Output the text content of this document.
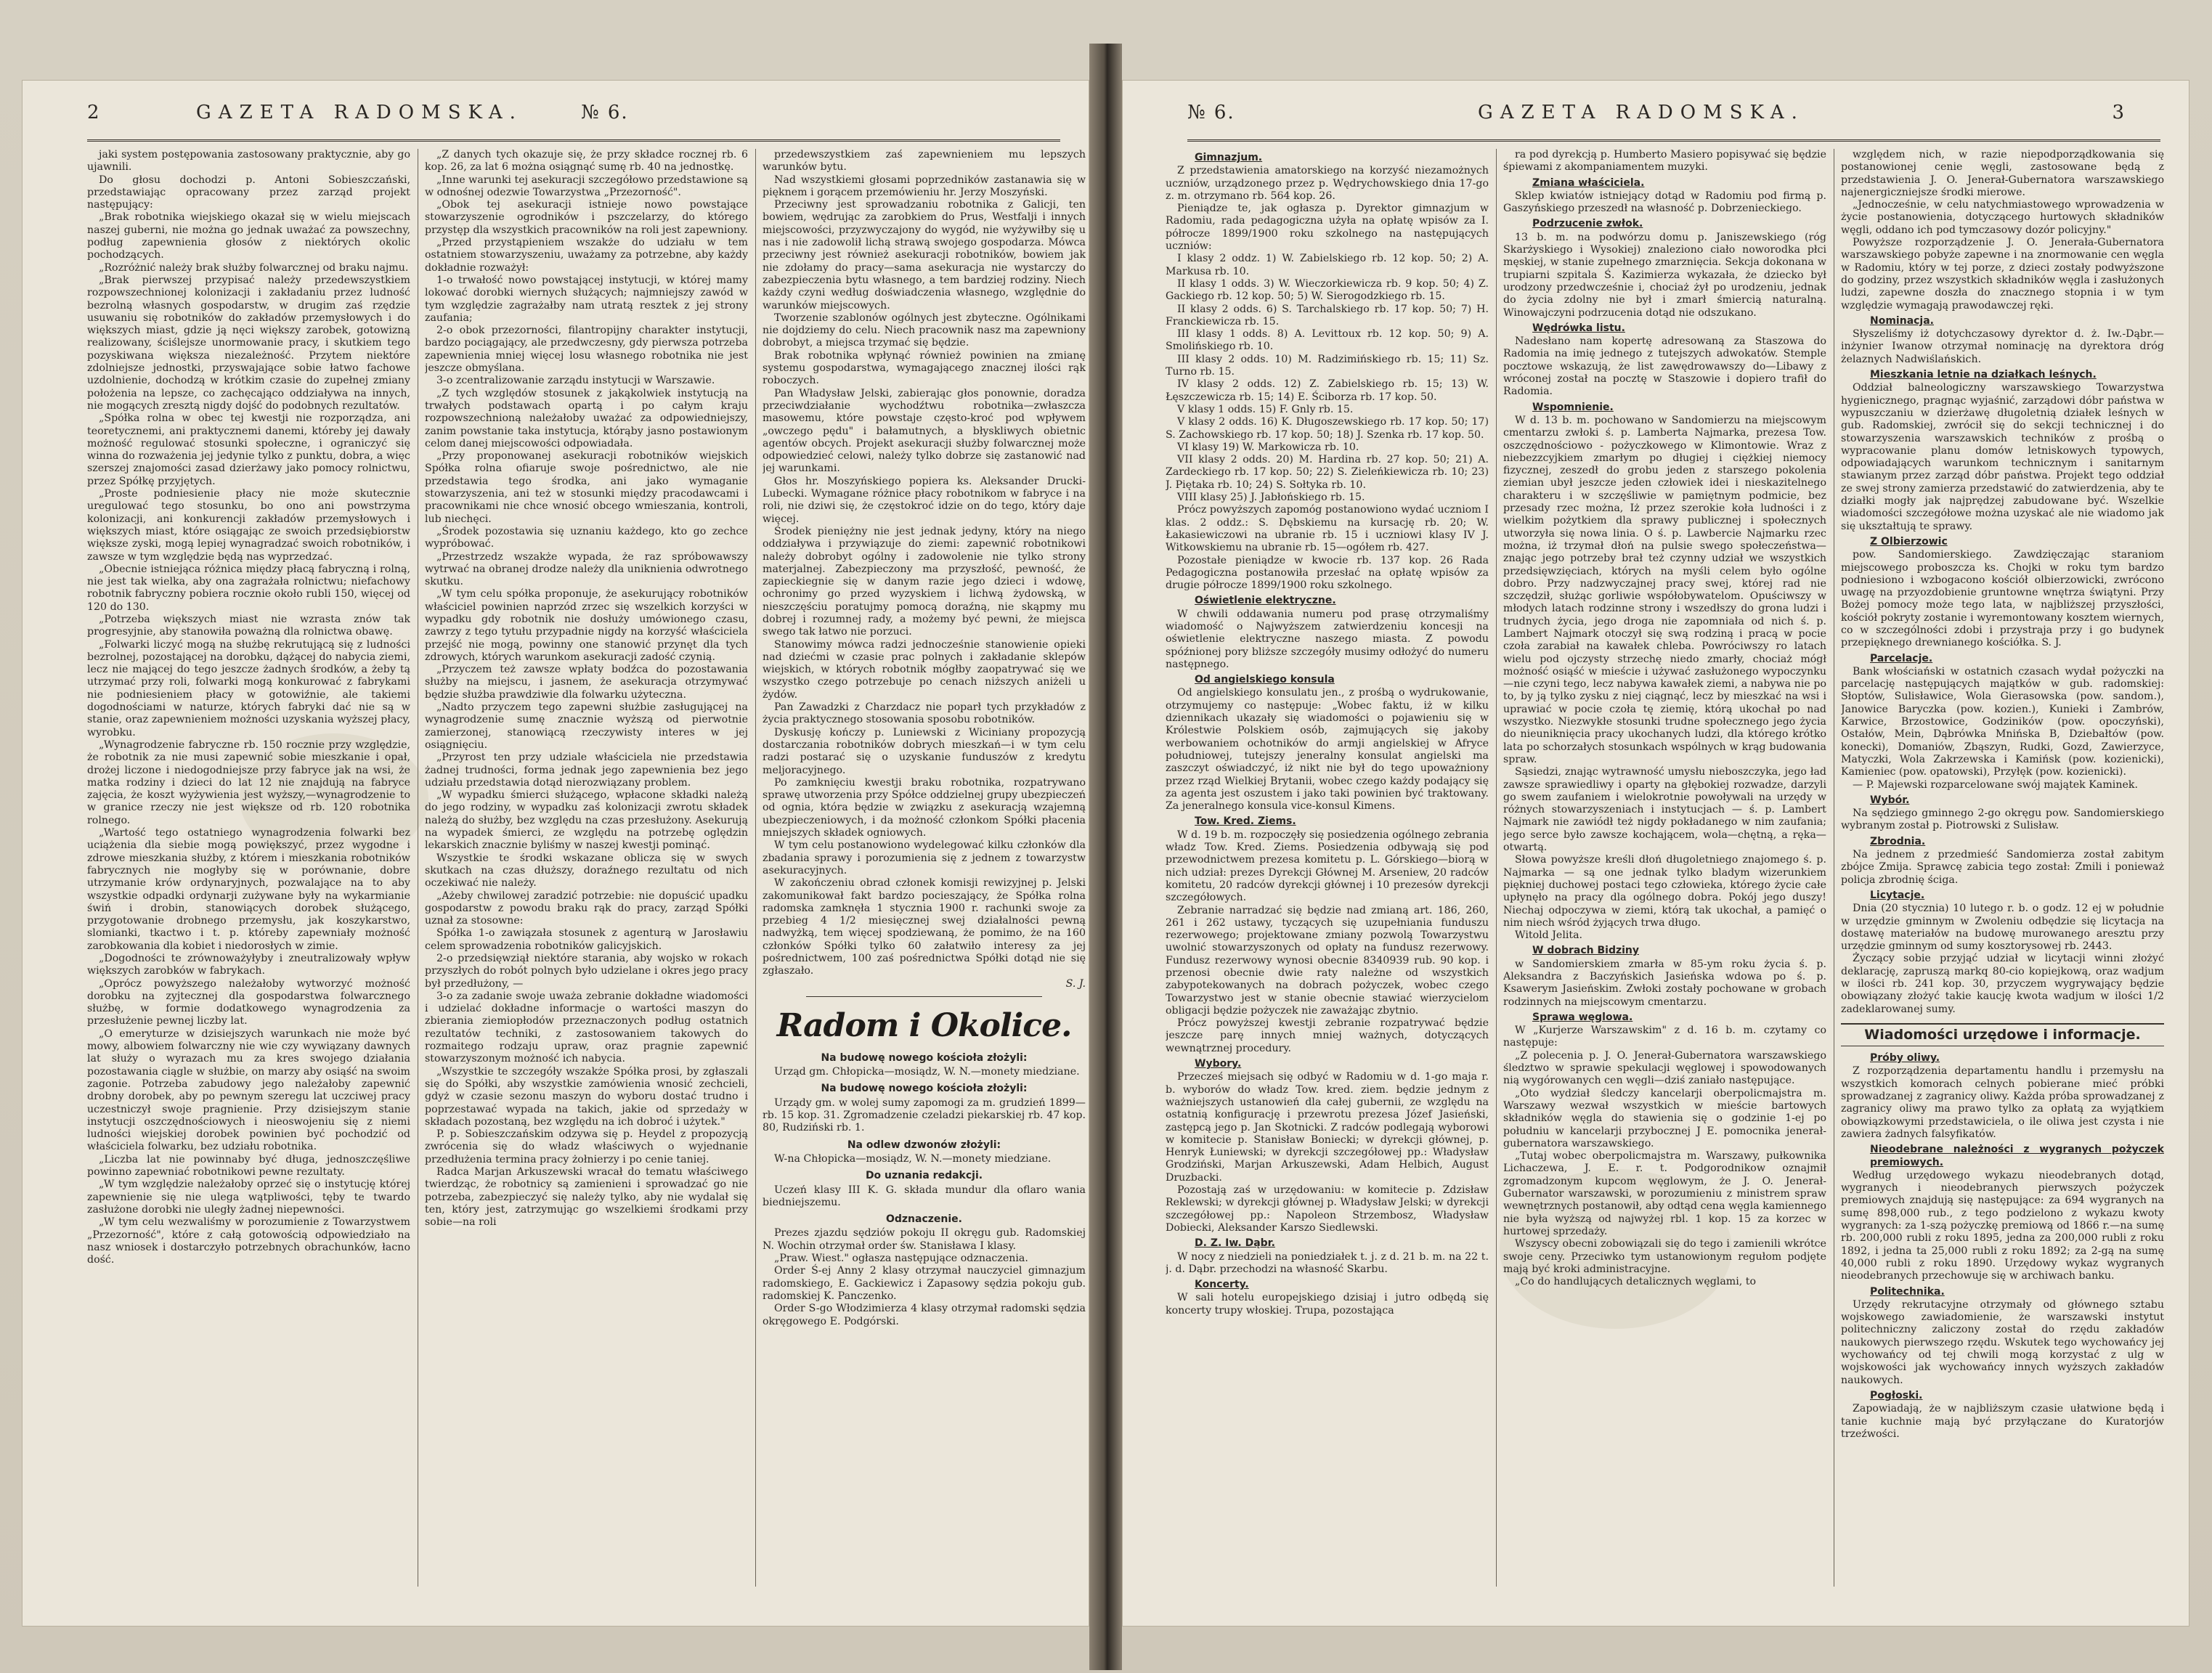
2	GAZETA RADOMSKA.	№ 6.

jaki system postępowania zastosowany praktycznie, aby go ujawnili.

Do głosu dochodzi p. Antoni Sobieszczański, przedstawiając opracowany przez zarząd projekt następujący:

„Brak robotnika wiejskiego okazał się w wielu miejscach naszej guberni, nie można go jednak uważać za powszechny, podług zapewnienia głosów z niektórych okolic pochodzących.

„Rozróżnić należy brak służby folwarcznej od braku najmu.

„Brak pierwszej przypisać należy przedewszystkiem rozpowszechnionej kolonizacji i zakładaniu przez ludność bezrolną własnych gospodarstw, w drugim zaś rzędzie usuwaniu się robotników do zakładów przemysłowych i do większych miast, gdzie ją nęci większy zarobek, gotowizną realizowany, ściślejsze unormowanie pracy, i skutkiem tego pozyskiwana większa niezależność. Przytem niektóre zdolniejsze jednostki, przyswajające sobie łatwo fachowe uzdolnienie, dochodzą w krótkim czasie do zupełnej zmiany położenia na lepsze, co zachęcająco oddziaływa na innych, nie mogących zresztą nigdy dojść do podobnych rezultatów.

„Spółka rolna w obec tej kwestji nie rozporządza, ani teoretycznemi, ani praktycznemi danemi, któreby jej dawały możność regulować stosunki społeczne, i ograniczyć się winna do rozważenia jej jedynie tylko z punktu, dobra, a więc szerszej znajomości zasad dzierżawy jako pomocy rolnictwu, przez Spółkę przyjętych.

„Proste podniesienie płacy nie może skutecznie uregulować tego stosunku, bo ono ani powstrzyma kolonizacji, ani konkurencji zakładów przemysłowych i większych miast, które osiągając ze swoich przedsiębiorstw większe zyski, mogą lepiej wynagradzać swoich robotników, i zawsze w tym względzie będą nas wyprzedzać.

„Obecnie istniejąca różnica między płacą fabryczną i rolną, nie jest tak wielka, aby ona zagrażała rolnictwu; niefachowy robotnik fabryczny pobiera rocznie około rubli 150, więcej od 120 do 130.

„Potrzeba większych miast nie wzrasta znów tak progresyjnie, aby stanowiła poważną dla rolnictwa obawę.

„Folwarki liczyć mogą na służbę rekrutującą się z ludności bezrolnej, pozostającej na dorobku, dążącej do nabycia ziemi, lecz nie mającej do tego jeszcze żadnych środków, a żeby tą utrzymać przy roli, folwarki mogą konkurować z fabrykami nie podniesieniem płacy w gotowiźnie, ale takiemi dogodnościami w naturze, których fabryki dać nie są w stanie, oraz zapewnieniem możności uzyskania wyższej płacy, wyrobku.

„Wynagrodzenie fabryczne rb. 150 rocznie przy względzie, że robotnik za nie musi zapewnić sobie mieszkanie i opał, drożej liczone i niedogodniejsze przy fabryce jak na wsi, że matka rodziny i dzieci do lat 12 nie znajdują na fabryce zajęcia, że koszt wyżywienia jest wyższy,—wynagrodzenie to w granice rzeczy nie jest większe od rb. 120 robotnika rolnego.

„Wartość tego ostatniego wynagrodzenia folwarki bez uciążenia dla siebie mogą powiększyć, przez wygodne i zdrowe mieszkania służby, z którem i mieszkania robotników fabrycznych nie mogłyby się w porównanie, dobre utrzymanie krów ordynaryjnych, pozwalające na to aby wszystkie odpadki ordynarji zużywane były na wykarmianie świń i drobin, stanowiących dorobek służącego, przygotowanie drobnego przemysłu, jak koszykarstwo, slomianki, tkactwo i t. p. któreby zapewniały możność zarobkowania dla kobiet i niedorosłych w zimie.

„Dogodności te zrównoważyłyby i zneutralizowały wpływ większych zarobków w fabrykach.

„Oprócz powyższego należałoby wytworzyć możność dorobku na zyjtecznej dla gospodarstwa folwarcznego służbę, w formie dodatkowego wynagrodzenia za przesłużenie pewnej liczby lat.

„O emeryturze w dzisiejszych warunkach nie może być mowy, albowiem folwarczny nie wie czy wywiązany dawnych lat służy o wyrazach mu za kres swojego działania pozostawania ciągle w służbie, on marzy aby osiąść na swoim zagonie. Potrzeba zabudowy jego należałoby zapewnić drobny dorobek, aby po pewnym szeregu lat uczciwej pracy uczestniczył swoje pragnienie. Przy dzisiejszym stanie instytucji oszczędnościowych i nieoswojeniu się z niemi ludności wiejskiej dorobek powinien być pochodzić od właściciela folwarku, bez udziału robotnika.

„Liczba lat nie powinnaby być długa, jednoszczęśliwe powinno zapewniać robotnikowi pewne rezultaty.

„W tym względzie należałoby oprzeć się o instytucję której zapewnienie się nie ulega wątpliwości, tęby te twardo zasłużone dorobki nie uległy żadnej niepewności.

„W tym celu wezwaliśmy w porozumienie z Towarzystwem „Przezorność", które z całą gotowością odpowiedziało na nasz wniosek i dostarczyło potrzebnych obrachunków, łacno dość.

„Z danych tych okazuje się, że przy składce rocznej rb. 6 kop. 26, za lat 6 można osiągnąć sumę rb. 40 na jednostkę.

„Inne warunki tej asekuracji szczegółowo przedstawione są w odnośnej odezwie Towarzystwa „Przezorność".

„Obok tej asekuracji istnieje nowo powstające stowarzyszenie ogrodników i pszczelarzy, do którego przystęp dla wszystkich pracowników na roli jest zapewniony.

„Przed przystąpieniem wszakże do udziału w tem ostatniem stowarzyszeniu, uważamy za potrzebne, aby każdy dokładnie rozważył:

1-o trwałość nowo powstającej instytucji, w której mamy lokować dorobki wiernych służących; najmniejszy zawód w tym względzie zagrażałby nam utratą resztek z jej strony zaufania;

2-o obok przezorności, filantropijny charakter instytucji, bardzo pociągający, ale przedwczesny, gdy pierwsza potrzeba zapewnienia mniej więcej losu własnego robotnika nie jest jeszcze obmyślana.

3-o zcentralizowanie zarządu instytucji w Warszawie.

„Z tych względów stosunek z jakąkolwiek instytucją na trwałych podstawach opartą i po całym kraju rozpowszechnioną należałoby uważać za odpowiedniejszy, zanim powstanie taka instytucja, którąby jasno postawionym celom danej miejscowości odpowiadała.

„Przy proponowanej asekuracji robotników wiejskich Spółka rolna ofiaruje swoje pośrednictwo, ale nie przedstawia tego środka, ani jako wymaganie stowarzyszenia, ani też w stosunki między pracodawcami i pracownikami nie chce wnosić obcego wmieszania, kontroli, lub niechęci.

„Środek pozostawia się uznaniu każdego, kto go zechce wypróbować.

„Przestrzedz wszakże wypada, że raz spróbowawszy wytrwać na obranej drodze należy dla uniknienia odwrotnego skutku.

„W tym celu spółka proponuje, że asekurujący robotników właściciel powinien naprzód zrzec się wszelkich korzyści w wypadku gdy robotnik nie dosłuży umówionego czasu, zawrzy z tego tytułu przypadnie nigdy na korzyść właściciela przejść nie mogą, powinny one stanowić przynęt dla tych zdrowych, których warunkom asekuracji zadość czynią.

„Przyczem też zawsze wpłaty bodźca do pozostawania służby na miejscu, i jasnem, że asekuracja otrzymywać będzie służba prawdziwie dla folwarku użyteczna.

„Nadto przyczem tego zapewni służbie zasługującej na wynagrodzenie sumę znacznie wyższą od pierwotnie zamierzonej, stanowiącą rzeczywisty interes w jej osiągnięciu.

„Przyrost ten przy udziale właściciela nie przedstawia żadnej trudności, forma jednak jego zapewnienia bez jego udziału przedstawia dotąd nierozwiązany problem.

„W wypadku śmierci służącego, wpłacone składki należą do jego rodziny, w wypadku zaś kolonizacji zwrotu składek należą do służby, bez względu na czas przesłużony. Asekurują na wypadek śmierci, ze względu na potrzebę oględzin lekarskich znacznie byliśmy w naszej kwestji pominąć.

Wszystkie te środki wskazane oblicza się w swych skutkach na czas dłuższy, doraźnego rezultatu od nich oczekiwać nie należy.

„Ażeby chwilowej zaradzić potrzebie: nie dopuścić upadku gospodarstw z powodu braku rąk do pracy, zarząd Spółki uznał za stosowne:

Spółka 1-o zawiązała stosunek z agenturą w Jarosławiu celem sprowadzenia robotników galicyjskich.

2-o przedsięwziął niektóre starania, aby wojsko w rokach przyszłych do robót polnych było udzielane i okres jego pracy był przedłużony, —

3-o za zadanie swoje uważa zebranie dokładne wiadomości i udzielać dokładne informacje o wartości maszyn do zbierania ziemiopłodów przeznaczonych podług ostatnich rezultatów techniki, z zastosowaniem takowych do rozmaitego rodzaju upraw, oraz pragnie zapewnić stowarzyszonym możność ich nabycia.

„Wszystkie te szczegóły wszakże Spółka prosi, by zgłaszali się do Spółki, aby wszystkie zamówienia wnosić zechcieli, gdyż w czasie sezonu maszyn do wyboru dostać trudno i poprzestawać wypada na takich, jakie od sprzedaży w składach pozostaną, bez względu na ich dobroć i użytek."

P. p. Sobieszczańskim odzywa się p. Heydel z propozycją zwrócenia się do władz właściwych o wyjednanie przedłużenia termina pracy żołnierzy i po cenie taniej.

Radca Marjan Arkuszewski wracał do tematu właściwego twierdząc, że robotnicy są zamienieni i sprowadzać go nie potrzeba, zabezpieczyć się należy tylko, aby nie wydalał się ten, który jest, zatrzymując go wszelkiemi środkami przy sobie—na roli

przedewszystkiem zaś zapewnieniem mu lepszych warunków bytu.

Nad wszystkiemi głosami poprzedników zastanawia się w pięknem i gorącem przemówieniu hr. Jerzy Moszyński.

Przeciwny jest sprowadzaniu robotnika z Galicji, ten bowiem, wędrując za zarobkiem do Prus, Westfalji i innych miejscowości, przyzwyczajony do wygód, nie wyżywiłby się u nas i nie zadowolił lichą strawą swojego gospodarza. Mówca przeciwny jest również asekuracji robotników, bowiem jak nie zdołamy do pracy—sama asekuracja nie wystarczy do zabezpieczenia bytu własnego, a tem bardziej rodziny. Niech każdy czyni według doświadczenia własnego, względnie do warunków miejscowych.

Tworzenie szablonów ogólnych jest zbyteczne. Ogólnikami nie dojdziemy do celu. Niech pracownik nasz ma zapewniony dobrobyt, a miejsca trzymać się będzie.

Brak robotnika wpłynąć również powinien na zmianę systemu gospodarstwa, wymagającego znacznej ilości rąk roboczych.

Pan Władysław Jelski, zabierając głos ponownie, doradza przeciwdziałanie wychodźtwu robotnika—zwłaszcza masowemu, które powstaje często-kroć pod wpływem „owczego pędu" i bałamutnych, a błyskliwych obietnic agentów obcych. Projekt asekuracji służby folwarcznej może odpowiedzieć celowi, należy tylko dobrze się zastanowić nad jej warunkami.

Głos hr. Moszyńskiego popiera ks. Aleksander Drucki-Lubecki. Wymagane różnice płacy robotnikom w fabryce i na roli, nie dziwi się, że częstokroć idzie on do tego, który daje więcej.

Środek pieniężny nie jest jednak jedyny, który na niego oddziaływa i przywiązuje do ziemi: zapewnić robotnikowi należy dobrobyt ogólny i zadowolenie nie tylko strony materjalnej. Zabezpieczony ma przyszłość, pewność, że zapieckiegnie się w danym razie jego dzieci i wdowę, ochronimy go przed wyzyskiem i lichwą żydowską, w nieszczęściu poratujmy pomocą doraźną, nie skąpmy mu dobrej i rozumnej rady, a możemy być pewni, że miejsca swego tak łatwo nie porzuci.

Stanowimy mówca radzi jednocześnie stanowienie opieki nad dziećmi w czasie prac polnych i zakładanie sklepów wiejskich, w których robotnik mógłby zaopatrywać się we wszystko czego potrzebuje po cenach niższych aniżeli u żydów.

Pan Zawadzki z Charzdacz nie poparł tych przykładów z życia praktycznego stosowania sposobu robotników.

Dyskusję kończy p. Luniewski z Wiciniany propozycją dostarczania robotników dobrych mieszkań—i w tym celu radzi postarać się o uzyskanie funduszów z kredytu meljoracyjnego.

Po zamknięciu kwestji braku robotnika, rozpatrywano sprawę utworzenia przy Spółce oddzielnej grupy ubezpieczeń od ognia, która będzie w związku z asekuracją wzajemną ubezpieczeniowych, i da możność członkom Spółki płacenia mniejszych składek ogniowych.

W tym celu postanowiono wydelegować kilku członków dla zbadania sprawy i porozumienia się z jednem z towarzystw asekuracyjnych.

W zakończeniu obrad członek komisji rewizyjnej p. Jelski zakomunikował fakt bardzo pocieszający, że Spółka rolna radomska zamknęła 1 stycznia 1900 r. rachunki swoje za przebieg 4 1/2 miesięcznej swej działalności pewną nadwyżką, tem więcej spodziewaną, że pomimo, że na 160 członków Spółki tylko 60 załatwiło interesy za jej pośrednictwem, 100 zaś pośrednictwa Spółki dotąd nie się zgłaszało.

S. J.

Radom i Okolice.

Na budowę nowego kościoła złożyli:

Urząd gm. Chłopicka—mosiądz, W. N.—monety miedziane.

Na budowę nowego kościoła złożyli:

Urządy gm. w wolej sumy zapomogi za m. grudzień 1899—rb. 15 kop. 31. Zgromadzenie czeladzi piekarskiej rb. 47 kop. 80, Rudziński rb. 1.

Na odlew dzwonów złożyli:

W-na Chłopicka—mosiądz, W. N.—monety miedziane.

Do uznania redakcji.

Uczeń klasy III K. G. składa mundur dla oflaro wania biedniejszemu.

Odznaczenie.

Prezes zjazdu sędziów pokoju II okręgu gub. Radomskiej N. Wochin otrzymał order św. Stanisława I klasy.

„Praw. Wiest." ogłasza następujące odznaczenia.

Order Ś-ej Anny 2 klasy otrzymał nauczyciel gimnazjum radomskiego, E. Gackiewicz i Zapasowy sędzia pokoju gub. radomskiej K. Panczenko.

Order S-go Włodzimierza 4 klasy otrzymał radomski sędzia okręgowego E. Podgórski.

№ 6.	GAZETA RADOMSKA.	3

Gimnazjum.

Z przedstawienia amatorskiego na korzyść niezamożnych uczniów, urządzonego przez p. Wędrychowskiego dnia 17-go z. m. otrzymano rb. 564 kop. 26.

Pieniądze te, jak ogłasza p. Dyrektor gimnazjum w Radomiu, rada pedagogiczna użyła na opłatę wpisów za I. półrocze 1899/1900 roku szkolnego na następujących uczniów:

I klasy 2 oddz. 1) W. Zabielskiego rb. 12 kop. 50; 2) A. Markusa rb. 10.

II klasy 1 odds. 3) W. Wieczorkiewicza rb. 9 kop. 50; 4) Z. Gackiego rb. 12 kop. 50; 5) W. Sierogodzkiego rb. 15.

II klasy 2 odds. 6) S. Tarchalskiego rb. 17 kop. 50; 7) H. Franckiewicza rb. 15.

III klasy 1 odds. 8) A. Levittoux rb. 12 kop. 50; 9) A. Smolińskiego rb. 10.

III klasy 2 odds. 10) M. Radzimińskiego rb. 15; 11) Sz. Turno rb. 15.

IV klasy 2 odds. 12) Z. Zabielskiego rb. 15; 13) W. Łęszczewicza rb. 15; 14) E. Ściborza rb. 17 kop. 50.

V klasy 1 odds. 15) F. Gnly rb. 15.

V klasy 2 odds. 16) K. Długoszewskiego rb. 17 kop. 50; 17) S. Zachowskiego rb. 17 kop. 50; 18) J. Szenka rb. 17 kop. 50.

VI klasy 19) W. Markowicza rb. 10.

VII klasy 2 odds. 20) M. Hardina rb. 27 kop. 50; 21) A. Zardeckiego rb. 17 kop. 50; 22) S. Zieleńkiewicza rb. 10; 23) J. Piętaka rb. 10; 24) S. Sołtyka rb. 10.

VIII klasy 25) J. Jabłońskiego rb. 15.

Prócz powyższych zapomóg postanowiono wydać uczniom I klas. 2 oddz.: S. Dębskiemu na kursację rb. 20; W. Łakasiewiczowi na ubranie rb. 15 i uczniowi klasy IV J. Witkowskiemu na ubranie rb. 15—ogółem rb. 427.

Pozostałe pieniądze w kwocie rb. 137 kop. 26 Rada Pedagogiczna postanowiła przesłać na opłatę wpisów za drugie półrocze 1899/1900 roku szkolnego.

Oświetlenie elektryczne.

W chwili oddawania numeru pod prasę otrzymaliśmy wiadomość o Najwyższem zatwierdzeniu koncesji na oświetlenie elektryczne naszego miasta. Z powodu spóźnionej pory bliższe szczegóły musimy odłożyć do numeru następnego.

Od angielskiego konsula

Od angielskiego konsulatu jen., z prośbą o wydrukowanie, otrzymujemy co następuje: „Wobec faktu, iż w kilku dziennikach ukazały się wiadomości o pojawieniu się w Królestwie Polskiem osób, zajmujących się jakoby werbowaniem ochotników do armji angielskiej w Afryce południowej, tutejszy jeneralny konsulat angielski ma zaszczyt oświadczyć, iż nikt nie był do tego upoważniony przez rząd Wielkiej Brytanii, wobec czego każdy podający się za agenta jest oszustem i jako taki powinien być traktowany. Za jeneralnego konsula vice-konsul Kimens.

Tow. Kred. Ziems.

W d. 19 b. m. rozpoczęły się posiedzenia ogólnego zebrania władz Tow. Kred. Ziems. Posiedzenia odbywają się pod przewodnictwem prezesa komitetu p. L. Górskiego—biorą w nich udział: prezes Dyrekcji Głównej M. Arseniew, 20 radców komitetu, 20 radców dyrekcji głównej i 10 prezesów dyrekcji szczegółowych.

Zebranie narradzać się będzie nad zmianą art. 186, 260, 261 i 262 ustawy, tyczących się uzupełniania funduszu rezerwowego; projektowane zmiany pozwolą Towarzystwu uwolnić stowarzyszonych od opłaty na fundusz rezerwowy. Fundusz rezerwowy wynosi obecnie 8340939 rub. 90 kop. i przenosi obecnie dwie raty należne od wszystkich zabypotekowanych na dobrach pożyczek, wobec czego Towarzystwo jest w stanie obecnie stawiać wierzycielom obligacji będzie pożyczek nie zaważając zbytnio.

Prócz powyższej kwestji zebranie rozpatrywać będzie jeszcze parę innych mniej ważnych, dotyczących wewnątrznej procedury.

Wybory.

Przecześ miejsach się odbyć w Radomiu w d. 1-go maja r. b. wyborów do władz Tow. kred. ziem. będzie jednym z ważniejszych ustanowień dla całej gubernii, ze względu na ostatnią konfigurację i przewrotu prezesa Józef Jasieński, zastępcą jego p. Jan Skotnicki. Z radców podlegają wyborowi w komitecie p. Stanisław Boniecki; w dyrekcji głównej, p. Henryk Łuniewski; w dyrekcji szczegółowej pp.: Władysław Grodziński, Marjan Arkuszewski, Adam Helbich, August Druzbacki.

Pozostają zaś w urzędowaniu: w komitecie p. Zdzisław Reklewski; w dyrekcji głównej p. Władysław Jelski; w dyrekcji szczegółowej pp.: Napoleon Strzembosz, Władysław Dobiecki, Aleksander Karszo Siedlewski.

D. Z. Iw. Dąbr.

W nocy z niedzieli na poniedziałek t. j. z d. 21 b. m. na 22 t. j. d. Dąbr. przechodzi na własność Skarbu.

Koncerty.

W sali hotelu europejskiego dzisiaj i jutro odbędą się koncerty trupy włoskiej. Trupa, pozostająca

ra pod dyrekcją p. Humberto Masiero popisywać się będzie śpiewami z akompaniamentem muzyki.

Zmiana właściciela.

Sklep kwiatów istniejący dotąd w Radomiu pod firmą p. Gaszyńskiego przeszedł na własność p. Dobrzenieckiego.

Podrzucenie zwłok.

13 b. m. na podwórzu domu p. Janiszewskiego (róg Skarżyskiego i Wysokiej) znaleziono ciało noworodka płci męskiej, w stanie zupełnego zmarznięcia. Sekcja dokonana w trupiarni szpitala Ś. Kazimierza wykazała, że dziecko był urodzony przedwcześnie i, chociaż żył po urodzeniu, jednak do życia zdolny nie był i zmarł śmiercią naturalną. Winowajczyni podrzucenia dotąd nie odszukano.

Wędrówka listu.

Nadesłano nam kopertę adresowaną za Staszowa do Radomia na imię jednego z tutejszych adwokatów. Stemple pocztowe wskazują, że list zawędrowawszy do—Libawy z wróconej został na pocztę w Staszowie i dopiero trafił do Radomia.

Wspomnienie.

W d. 13 b. m. pochowano w Sandomierzu na miejscowym cmentarzu zwłoki ś. p. Lamberta Najmarka, prezesa Tow. oszczędnościowo - pożyczkowego w Klimontowie. Wraz z niebezzcyjkiem zmarłym po długiej i ciężkiej niemocy fizycznej, zeszedł do grobu jeden z starszego pokolenia ziemian ubył jeszcze jeden człowiek idei i nieskazitelnego charakteru i w szczęśliwie w pamiętnym podmicie, bez przesady rzec można, Iż przez szerokie koła ludności i z wielkim pożytkiem dla sprawy publicznej i społecznych utworzyła się nowa linia. O ś. p. Lawbercie Najmarku rzec można, iż trzymał dłoń na pulsie swego społeczeństwa—znając jego potrzeby brał też czynny udział we wszystkich przedsięwzięciach, których na myśli celem było ogólne dobro. Przy nadzwyczajnej pracy swej, której rad nie szczędził, służąc gorliwie współobywatelom. Opuściwszy w młodych latach rodzinne strony i wszedłszy do grona ludzi i trudnych życia, jego droga nie zapomniała od nich ś. p. Lambert Najmark otoczył się swą rodziną i pracą w pocie czoła zarabiał na kawałek chleba. Powróciwszy ro latach wielu pod ojczysty strzechę niedo zmarły, chociaż mógł możność osiąść w mieście i używać zasłużonego wypoczynku—nie czyni tego, lecz nabywa kawałek ziemi, a nabywa nie po to, by ją tylko zysku z niej ciągnąć, lecz by mieszkać na wsi i uprawiać w pocie czoła tę ziemię, którą ukochał po nad wszystko. Niezwykłe stosunki trudne społecznego jego życia do nieuniknięcia pracy ukochanych ludzi, dla którego krótko lata po schorzałych stosunkach wspólnych w krąg budowania spraw.

Sąsiedzi, znając wytrawność umysłu nieboszczyka, jego ład zawsze sprawiedliwy i oparty na głębokiej rozwadze, darzyli go swem zaufaniem i wielokrotnie powoływali na urzędy w różnych stowarzyszeniach i instytucjach — ś. p. Lambert Najmark nie zawiódł też nigdy pokładanego w nim zaufania; jego serce było zawsze kochającem, wola—chętną, a ręka—otwartą.

Słowa powyższe kreśli dłoń długoletniego znajomego ś. p. Najmarka — są one jednak tylko bladym wizerunkiem piękniej duchowej postaci tego człowieka, którego życie całe upłynęło na pracy dla ogólnego dobra. Pokój jego duszy! Niechaj odpoczywa w ziemi, którą tak ukochał, a pamięć o nim niech wśród żyjących trwa długo.

Witold Jelita.

W dobrach Bidziny

w Sandomierskiem zmarła w 85-ym roku życia ś. p. Aleksandra z Baczyńskich Jasieńska wdowa po ś. p. Ksawerym Jasieńskim. Zwłoki zostały pochowane w grobach rodzinnych na miejscowym cmentarzu.

Sprawa węglowa.

W „Kurjerze Warszawskim" z d. 16 b. m. czytamy co następuje:

„Z polecenia p. J. O. Jenerał-Gubernatora warszawskiego śledztwo w sprawie spekulacji węglowej i spowodowanych nią wygórowanych cen węgli—dziś zaniało następujące.

„Oto wydział śledczy kancelarji oberpolicmajstra m. Warszawy wezwał wszystkich w mieście bartowych składników węgla do stawienia się o godzinie 1-ej po południu w kancelarji przybocznej J E. pomocnika jenerał-gubernatora warszawskiego.

„Tutaj wobec oberpolicmajstra m. Warszawy, pułkownika Lichaczewa, J. E. r. t. Podgorodnikow oznajmił zgromadzonym kupcom węglowym, że J. O. Jenerał-Gubernator warszawski, w porozumieniu z ministrem spraw wewnętrznych postanowił, aby odtąd cena węgla kamiennego nie była wyższą od najwyżej rbl. 1 kop. 15 za korzec w hurtowej sprzedaży.

Wszyscy obecni zobowiązali się do tego i zamienili wkrótce swoje ceny. Przeciwko tym ustanowionym regułom podjęte mają być kroki administracyjne.

„Co do handlujących detalicznych węglami, to

względem nich, w razie niepodporządkowania się postanowionej cenie węgli, zastosowane będą z przedstawienia J. O. Jenerał-Gubernatora warszawskiego najenergiczniejsze środki mierowe.

„Jednocześnie, w celu natychmiastowego wprowadzenia w życie postanowienia, dotyczącego hurtowych składników węgli, oddano ich pod tymczasowy dozór policyjny."

Powyższe rozporządzenie J. O. Jenerała-Gubernatora warszawskiego pobyże zapewne i na znormowanie cen węgla w Radomiu, który w tej porze, z dzieci zostały podwyższone do godziny, przez wszystkich składników węgla i zasłużonych ludzi, zapewne doszła do znacznego stopnia i w tym względzie wymagają prawodawczej ręki.

Nominacja.

Słyszeliśmy iż dotychczasowy dyrektor d. ż. Iw.-Dąbr.—inżynier Iwanow otrzymał nominację na dyrektora dróg żelaznych Nadwiślańskich.

Mieszkania letnie na działkach leśnych.

Oddział balneologiczny warszawskiego Towarzystwa hygienicznego, pragnąc wyjaśnić, zarządowi dóbr państwa w wypuszczaniu w dzierżawę długoletnią działek leśnych w gub. Radomskiej, zwrócił się do sekcji technicznej i do stowarzyszenia warszawskich techników z prośbą o wypracowanie planu domów letniskowych typowych, odpowiadających warunkom technicznym i sanitarnym stawianym przez zarząd dóbr państwa. Projekt tego oddział ze swej strony zamierza przedstawić do zatwierdzenia, aby te działki mogły jak najprędzej zabudowane być. Wszelkie wiadomości szczegółowe można uzyskać ale nie wiadomo jak się ukształtują te sprawy.

Z Olbierzowic

pow. Sandomierskiego. Zawdzięczając staraniom miejscowego proboszcza ks. Chojki w roku tym bardzo podniesiono i wzbogacono kościół olbierzowicki, zwrócono uwagę na przyozdobienie gruntowne wnętrza świątyni. Przy Bożej pomocy może tego lata, w najbliższej przyszłości, kościół pokryty zostanie i wyremontowany kosztem wiernych, co w szczególności zdobi i przystraja przy i go budynek przepięknego drewnianego kościółka. S. J.

Parcelacje.

Bank włościański w ostatnich czasach wydał pożyczki na parcelację następujących majątków w gub. radomskiej: Słoptów, Sulisławice, Wola Gierasowska (pow. sandom.), Janowice Baryczka (pow. kozien.), Kunieki i Zambrów, Karwice, Brzostowice, Godziników (pow. opoczyński), Ostałów, Mein, Dąbrówka Mnińska B, Dziebałtów (pow. konecki), Domaniów, Zbąszyn, Rudki, Gozd, Zawierzyce, Matyczki, Wola Zakrzewska i Kamińsk (pow. kozienicki), Kamieniec (pow. opatowski), Przyłęk (pow. kozienicki).

— P. Majewski rozparcelowane swój majątek Kaminek.

Wybór.

Na sędziego gminnego 2-go okręgu pow. Sandomierskiego wybranym został p. Piotrowski z Sulisław.

Zbrodnia.

Na jednem z przedmieść Sandomierza został zabitym zbójce Zmija. Sprawcę zabicia tego został: Zmili i ponieważ policja zbrodnię ściga.

Licytacje.

Dnia (20 stycznia) 10 lutego r. b. o godz. 12 ej w południe w urzędzie gminnym w Zwoleniu odbędzie się licytacja na dostawę materiałów na budowę murowanego aresztu przy urzędzie gminnym od sumy kosztorysowej rb. 2443.

Życzący sobie przyjąć udział w licytacji winni złożyć deklarację, zapruszą markq 80-cio kopiejkową, oraz wadjum w ilości rb. 241 kop. 30, przyczem wygrywający będzie obowiązany złożyć takie kaucję kwota wadjum w ilości 1/2 zadeklarowanej sumy.

Wiadomości urzędowe i informacje.

Próby oliwy.

Z rozporządzenia departamentu handlu i przemysłu na wszystkich komorach celnych pobierane mieć próbki sprowadzanej z zagranicy oliwy. Każda próba sprowadzanej z zagranicy oliwy ma prawo tylko za opłatą za wyjątkiem obowiązkowymi przedstawiciela, o ile oliwa jest czysta i nie zawiera żadnych falsyfikatów.

Nieodebrane należności z wygranych pożyczek premiowych.

Według urzędowego wykazu nieodebranych dotąd, wygranych i nieodebranych pierwszych pożyczek premiowych znajdują się następujące: za 694 wygranych na sumę 898,000 rub., z tego podzielono z wykazu kwoty wygranych: za 1-szą pożyczkę premiową od 1866 r.—na sumę rb. 200,000 rubli z roku 1895, jedna za 200,000 rubli z roku 1892, i jedna ta 25,000 rubli z roku 1892; za 2-gą na sumę 40,000 rubli z roku 1890. Urzędowy wykaz wygranych nieodebranych przechowuje się w archiwach banku.

Politechnika.

Urzędy rekrutacyjne otrzymały od głównego sztabu wojskowego zawiadomienie, że warszawski instytut politechniczny zaliczony został do rzędu zakładów naukowych pierwszego rzędu. Wskutek tego wychowańcy jej wychowańcy od tej chwili mogą korzystać z ulg w wojskowości jak wychowańcy innych wyższych zakładów naukowych.

Pogłoski.

Zapowiadają, że w najbliższym czasie ułatwione będą i tanie kuchnie mają być przyłączane do Kuratorjów trzeźwości.
